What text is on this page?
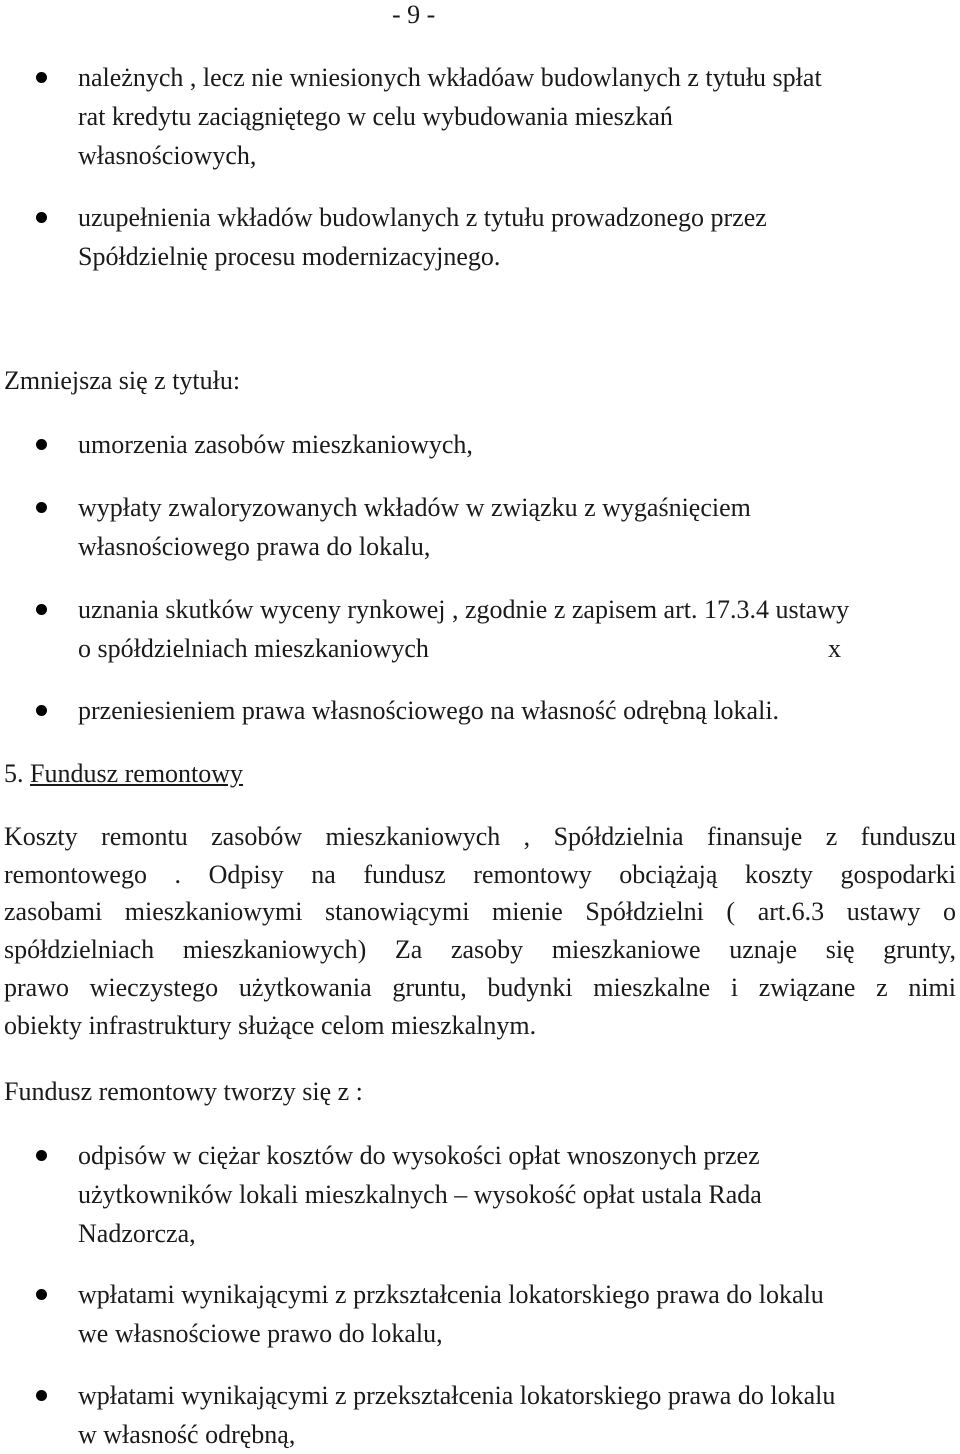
- 9 -
należnych , lecz nie wniesionych wkładóaw budowlanych z tytułu spłat
rat kredytu zaciągniętego w celu wybudowania mieszkań
własnościowych,
uzupełnienia wkładów budowlanych z tytułu prowadzonego przez
Spółdzielnię procesu modernizacyjnego.
Zmniejsza się z tytułu:
umorzenia zasobów mieszkaniowych,
wypłaty zwaloryzowanych wkładów w związku z wygaśnięciem
własnościowego prawa do lokalu,
uznania skutków wyceny rynkowej , zgodnie z zapisem art. 17.3.4 ustawy
o spółdzielniach mieszkaniowych	x
przeniesieniem prawa własnościowego na własność odrębną lokali.
5. Fundusz remontowy
Koszty remontu zasobów mieszkaniowych , Spółdzielnia finansuje z funduszu
remontowego . Odpisy na fundusz remontowy obciążają koszty gospodarki
zasobami mieszkaniowymi stanowiącymi mienie Spółdzielni ( art.6.3 ustawy o
spółdzielniach mieszkaniowych) Za zasoby mieszkaniowe uznaje się grunty,
prawo wieczystego użytkowania gruntu, budynki mieszkalne i związane z nimi
obiekty infrastruktury służące celom mieszkalnym.
Fundusz remontowy tworzy się z :
odpisów w ciężar kosztów do wysokości opłat wnoszonych przez
użytkowników lokali mieszkalnych – wysokość opłat ustala Rada
Nadzorcza,
wpłatami wynikającymi z przkształcenia lokatorskiego prawa do lokalu
we własnościowe prawo do lokalu,
wpłatami wynikającymi z przekształcenia lokatorskiego prawa do lokalu
w własność odrębną,
